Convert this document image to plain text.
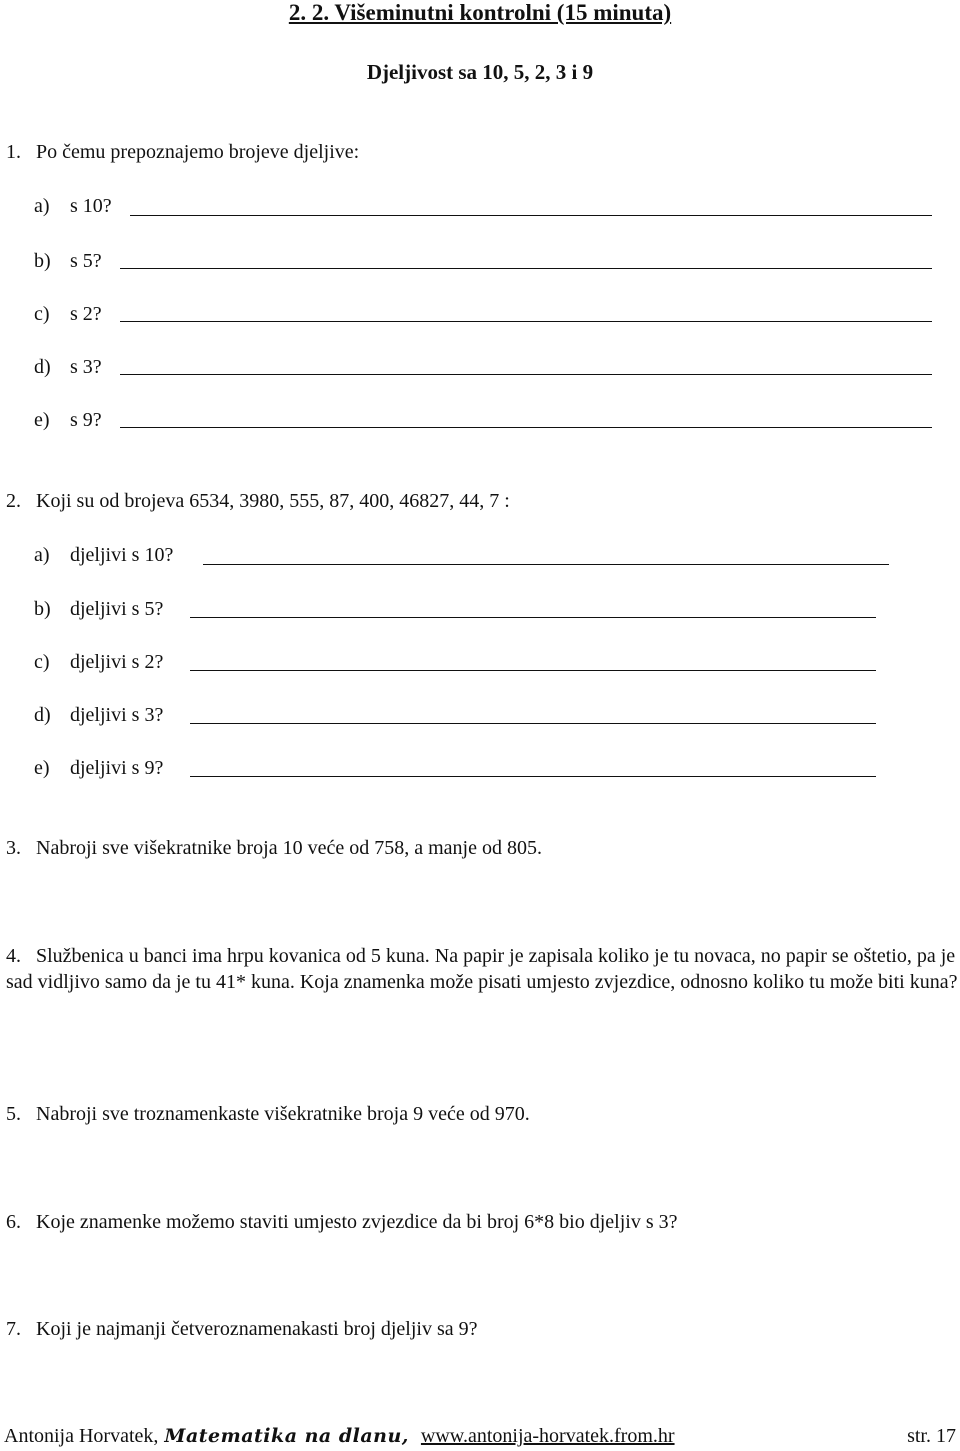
2. 2. Višeminutni kontrolni (15 minuta)
Djeljivost sa 10, 5, 2, 3 i 9
1. Po čemu prepoznajemo brojeve djeljive:
a) s 10?
b) s 5?
c) s 2?
d) s 3?
e) s 9?
2. Koji su od brojeva 6534, 3980, 555, 87, 400, 46827, 44, 7 :
a) djeljivi s 10?
b) djeljivi s 5?
c) djeljivi s 2?
d) djeljivi s 3?
e) djeljivi s 9?
3. Nabroji sve višekratnike broja 10 veće od 758, a manje od 805.
4. Službenica u banci ima hrpu kovanica od 5 kuna. Na papir je zapisala koliko je tu novaca, no papir se oštetio, pa je sad vidljivo samo da je tu 41* kuna. Koja znamenka može pisati umjesto zvjezdice, odnosno koliko tu može biti kuna?
5. Nabroji sve troznamenkaste višekratnike broja 9 veće od 970.
6. Koje znamenke možemo staviti umjesto zvjezdice da bi broj 6*8 bio djeljiv s 3?
7. Koji je najmanji četveroznamenakasti broj djeljiv sa 9?
Antonija Horvatek, Matematika na dlanu, www.antonija-horvatek.from.hr	str. 17
